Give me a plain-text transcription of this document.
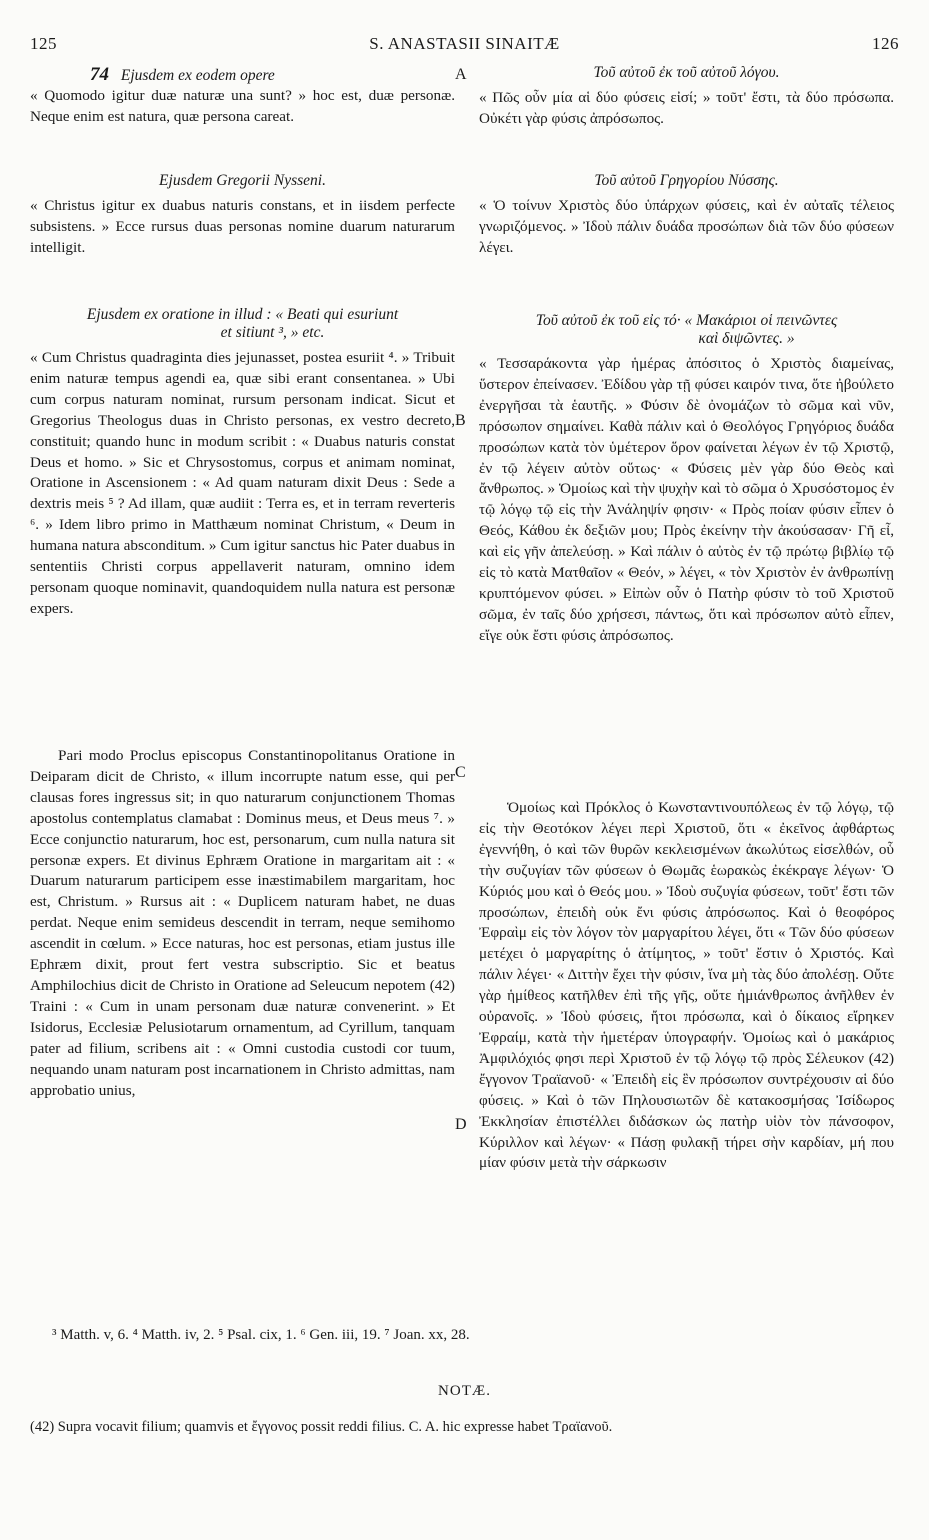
125	S. ANASTASII SINAITÆ	126
A
B
C
D

74 Ejusdem ex eodem opere

« Quomodo igitur duæ naturæ una sunt? » hoc est, duæ personæ. Neque enim est natura, quæ persona careat.

Ejusdem Gregorii Nysseni.

« Christus igitur ex duabus naturis constans, et in iisdem perfecte subsistens. » Ecce rursus duas personas nomine duarum naturarum intelligit.

Ejusdem ex oratione in illud : « Beati qui esuriunt

et sitiunt ³, » etc.

« Cum Christus quadraginta dies jejunasset, postea esuriit ⁴. » Tribuit enim naturæ tempus agendi ea, quæ sibi erant consentanea. » Ubi cum corpus naturam nominat, rursum personam indicat. Sicut et Gregorius Theologus duas in Christo personas, ex vestro decreto, constituit; quando hunc in modum scribit : « Duabus naturis constat Deus et homo. » Sic et Chrysostomus, corpus et animam nominat, Oratione in Ascensionem : « Ad quam naturam dixit Deus : Sede a dextris meis ⁵ ? Ad illam, quæ audiit : Terra es, et in terram reverteris ⁶. » Idem libro primo in Matthæum nominat Christum, « Deum in humana natura absconditum. » Cum igitur sanctus hic Pater duabus in sententiis Christi corpus appellaverit naturam, omnino idem personam quoque nominavit, quandoquidem nulla natura est personæ expers.

Pari modo Proclus episcopus Constantinopolitanus Oratione in Deiparam dicit de Christo, « illum incorrupte natum esse, qui per clausas fores ingressus sit; in quo naturarum conjunctionem Thomas apostolus contemplatus clamabat : Dominus meus, et Deus meus ⁷. » Ecce conjunctio naturarum, hoc est, personarum, cum nulla natura sit personæ expers. Et divinus Ephræm Oratione in margaritam ait : « Duarum naturarum participem esse inæstimabilem margaritam, hoc est, Christum. » Rursus ait : « Duplicem naturam habet, ne duas perdat. Neque enim semideus descendit in terram, neque semihomo ascendit in cœlum. » Ecce naturas, hoc est personas, etiam justus ille Ephræm dixit, prout fert vestra subscriptio. Sic et beatus Amphilochius dicit de Christo in Oratione ad Seleucum nepotem (42) Traini : « Cum in unam personam duæ naturæ convenerint. » Et Isidorus, Ecclesiæ Pelusiotarum ornamentum, ad Cyrillum, tanquam pater ad filium, scribens ait : « Omni custodia custodi cor tuum, nequando unam naturam post incarnationem in Christo admittas, nam approbatio unius,

Τοῦ αὐτοῦ ἐκ τοῦ αὐτοῦ λόγου.

« Πῶς οὖν μία αἱ δύο φύσεις εἰσί; » τοῦτ' ἔστι, τὰ δύο πρόσωπα. Οὐκέτι γὰρ φύσις ἀπρόσωπος.

Τοῦ αὐτοῦ Γρηγορίου Νύσσης.

« Ὁ τοίνυν Χριστὸς δύο ὑπάρχων φύσεις, καὶ ἐν αὐταῖς τέλειος γνωριζόμενος. » Ἰδοὺ πάλιν δυάδα προσώπων διὰ τῶν δύο φύσεων λέγει.

Τοῦ αὐτοῦ ἐκ τοῦ εἰς τό· « Μακάριοι οἱ πεινῶντες

καὶ διψῶντες. »

« Τεσσαράκοντα γὰρ ἡμέρας ἀπόσιτος ὁ Χριστὸς διαμείνας, ὕστερον ἐπείνασεν. Ἐδίδου γὰρ τῇ φύσει καιρόν τινα, ὅτε ἠβούλετο ἐνεργῆσαι τὰ ἑαυτῆς. » Φύσιν δὲ ὀνομάζων τὸ σῶμα καὶ νῦν, πρόσωπον σημαίνει. Καθὰ πάλιν καὶ ὁ Θεολόγος Γρηγόριος δυάδα προσώπων κατὰ τὸν ὑμέτερον ὅρον φαίνεται λέγων ἐν τῷ Χριστῷ, ἐν τῷ λέγειν αὐτὸν οὕτως· « Φύσεις μὲν γὰρ δύο Θεὸς καὶ ἄνθρωπος. » Ὁμοίως καὶ τὴν ψυχὴν καὶ τὸ σῶμα ὁ Χρυσόστομος ἐν τῷ λόγῳ τῷ εἰς τὴν Ἀνάληψίν φησιν· « Πρὸς ποίαν φύσιν εἶπεν ὁ Θεός, Κάθου ἐκ δεξιῶν μου; Πρὸς ἐκείνην τὴν ἀκούσασαν· Γῆ εἶ, καὶ εἰς γῆν ἀπελεύσῃ. » Καὶ πάλιν ὁ αὐτὸς ἐν τῷ πρώτῳ βιβλίῳ τῷ εἰς τὸ κατὰ Ματθαῖον « Θεόν, » λέγει, « τὸν Χριστὸν ἐν ἀνθρωπίνῃ κρυπτόμενον φύσει. » Εἰπὼν οὖν ὁ Πατὴρ φύσιν τὸ τοῦ Χριστοῦ σῶμα, ἐν ταῖς δύο χρήσεσι, πάντως, ὅτι καὶ πρόσωπον αὐτὸ εἶπεν, εἴγε οὐκ ἔστι φύσις ἀπρόσωπος.

Ὁμοίως καὶ Πρόκλος ὁ Κωνσταντινουπόλεως ἐν τῷ λόγῳ, τῷ εἰς τὴν Θεοτόκον λέγει περὶ Χριστοῦ, ὅτι « ἐκεῖνος ἀφθάρτως ἐγεννήθη, ὁ καὶ τῶν θυρῶν κεκλεισμένων ἀκωλύτως εἰσελθών, οὗ τὴν συζυγίαν τῶν φύσεων ὁ Θωμᾶς ἑωρακὼς ἐκέκραγε λέγων· Ὁ Κύριός μου καὶ ὁ Θεός μου. » Ἰδοὺ συζυγία φύσεων, τοῦτ' ἔστι τῶν προσώπων, ἐπειδὴ οὐκ ἔνι φύσις ἀπρόσωπος. Καὶ ὁ θεοφόρος Ἐφραὶμ εἰς τὸν λόγον τὸν μαργαρίτου λέγει, ὅτι « Τῶν δύο φύσεων μετέχει ὁ μαργαρίτης ὁ ἀτίμητος, » τοῦτ' ἔστιν ὁ Χριστός. Καὶ πάλιν λέγει· « Διττὴν ἔχει τὴν φύσιν, ἵνα μὴ τὰς δύο ἀπολέσῃ. Οὔτε γὰρ ἡμίθεος κατῆλθεν ἐπὶ τῆς γῆς, οὔτε ἡμιάνθρωπος ἀνῆλθεν ἐν οὐρανοῖς. » Ἰδοὺ φύσεις, ἤτοι πρόσωπα, καὶ ὁ δίκαιος εἴρηκεν Ἐφραίμ, κατὰ τὴν ἡμετέραν ὑπογραφήν. Ὁμοίως καὶ ὁ μακάριος Ἀμφιλόχιός φησι περὶ Χριστοῦ ἐν τῷ λόγῳ τῷ πρὸς Σέλευκον (42) ἔγγονον Τραϊανοῦ· « Ἐπειδὴ εἰς ἓν πρόσωπον συντρέχουσιν αἱ δύο φύσεις. » Καὶ ὁ τῶν Πηλουσιωτῶν δὲ κατακοσμήσας Ἰσίδωρος Ἐκκλησίαν ἐπιστέλλει διδάσκων ὡς πατὴρ υἱὸν τὸν πάνσοφον, Κύριλλον καὶ λέγων· « Πάσῃ φυλακῇ τήρει σὴν καρδίαν, μή που μίαν φύσιν μετὰ τὴν σάρκωσιν

³ Matth. v, 6. ⁴ Matth. iv, 2. ⁵ Psal. cix, 1. ⁶ Gen. iii, 19. ⁷ Joan. xx, 28.
NOTÆ.
(42) Supra vocavit filium; quamvis et ἔγγονος possit reddi filius. C. A. hic expresse habet Τραϊανοῦ.
